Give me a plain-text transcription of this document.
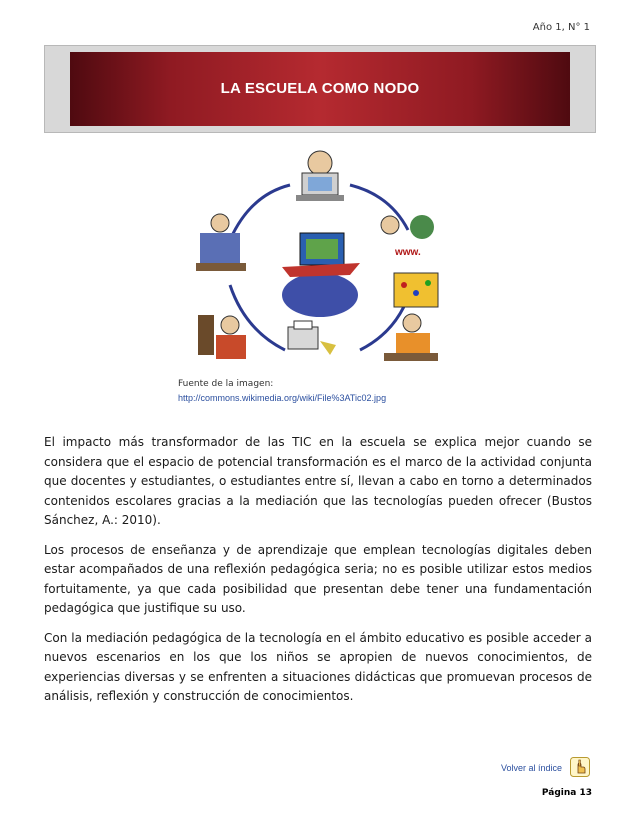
Año 1, N° 1
LA ESCUELA COMO NODO
www.
Fuente de la imagen:
http://commons.wikimedia.org/wiki/File%3ATic02.jpg

El impacto más transformador de las TIC en la escuela se explica mejor cuando se considera que el espacio de potencial transformación es el marco de la actividad conjunta que docentes y estudiantes, o estudiantes entre sí, llevan a cabo en torno a determinados contenidos escolares gracias a la mediación que las tecnologías pueden ofrecer (Bustos Sánchez, A.: 2010).

Los procesos de enseñanza y de aprendizaje que emplean tecnologías digitales deben estar acompañados de una reflexión pedagógica seria; no es posible utilizar estos medios fortuitamente, ya que cada posibilidad que presentan debe tener una fundamentación pedagógica que justifique su uso.

Con la mediación pedagógica de la tecnología en el ámbito educativo es posible acceder a nuevos escenarios en los que los niños se apropien de nuevos conocimientos, de experiencias diversas y se enfrenten a situaciones didácticas que promuevan procesos de análisis, reflexión y construcción de conocimientos.

Volver al índice
Página 13
